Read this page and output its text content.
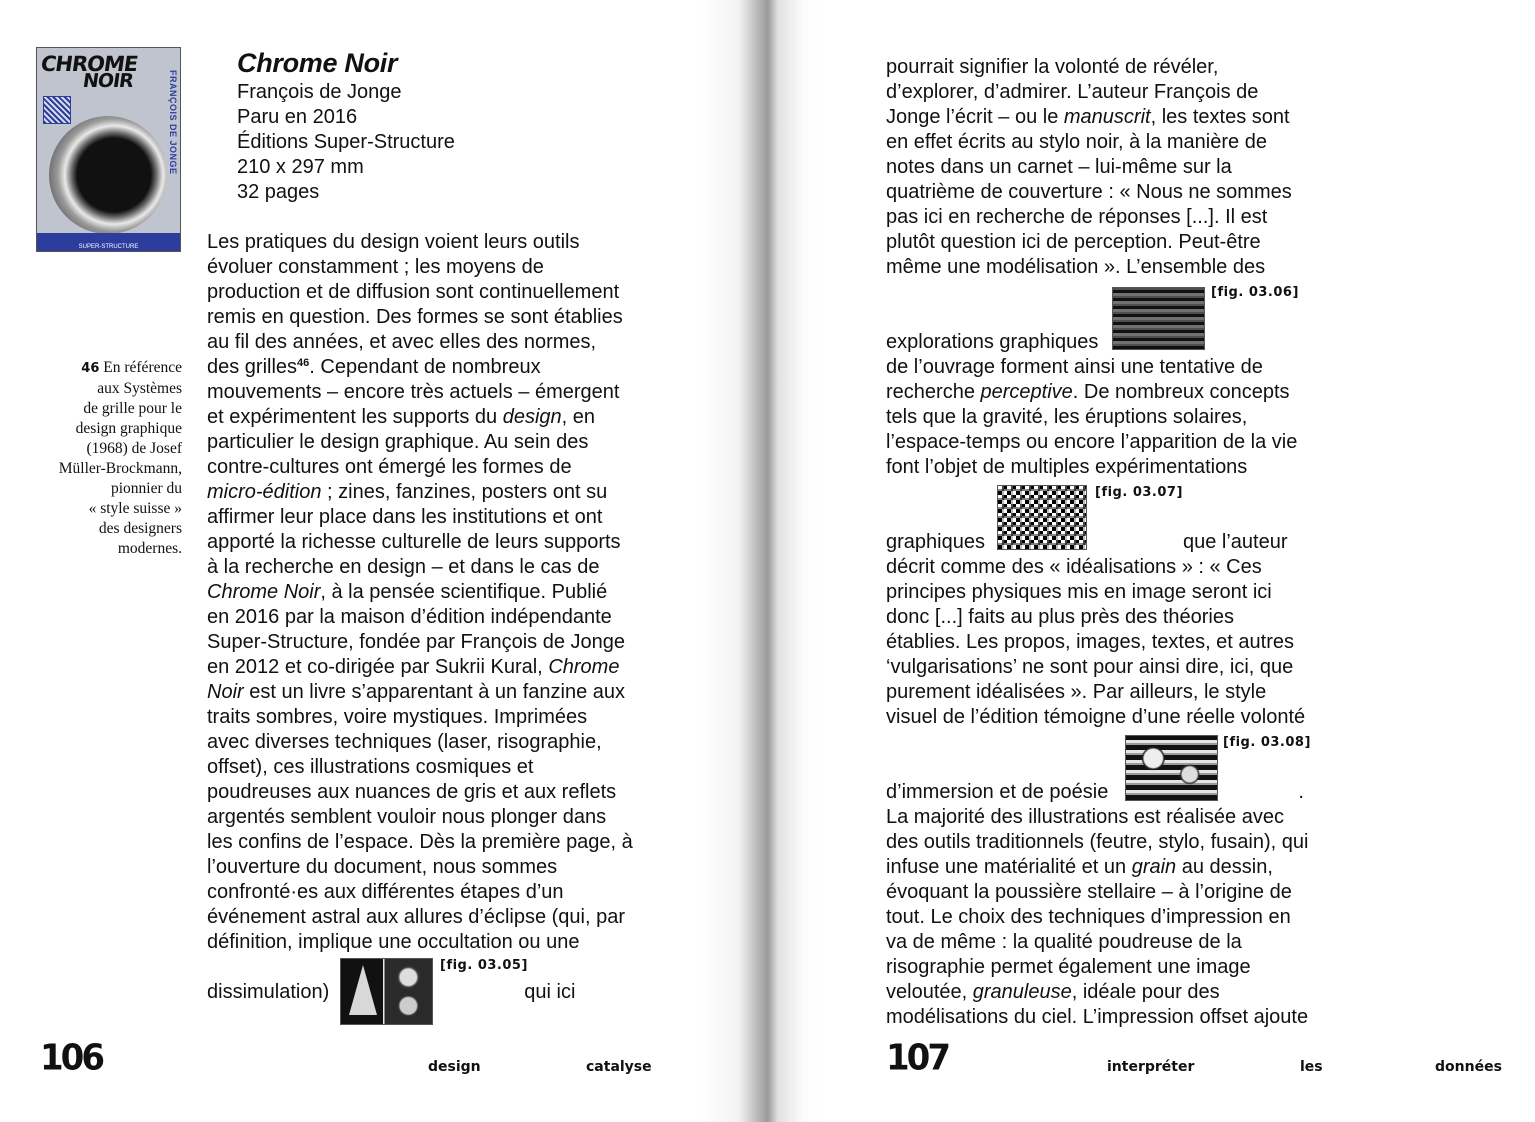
CHROME
NOIR	FRANÇOIS DE JONGE
SUPER-STRUCTURE
Chrome Noir
François de Jonge
Paru en 2016
Éditions Super-Structure
210 x 297 mm
32 pages
46 En référence
aux Systèmes
de grille pour le
design graphique
(1968) de Josef
Müller-Brockmann,
pionnier du
« style suisse »
des designers
modernes.
Les pratiques du design voient leurs outils
évoluer constamment ; les moyens de
production et de diffusion sont continuellement
remis en question. Des formes se sont établies
au fil des années, et avec elles des normes,
des grilles$^{46}$. Cependant de nombreux
mouvements – encore très actuels – émergent
et expérimentent les supports du design, en
particulier le design graphique. Au sein des
contre-cultures ont émergé les formes de
micro-édition ; zines, fanzines, posters ont su
affirmer leur place dans les institutions et ont
apporté la richesse culturelle de leurs supports
à la recherche en design – et dans le cas de
Chrome Noir, à la pensée scientifique. Publié
en 2016 par la maison d’édition indépendante
Super-Structure, fondée par François de Jonge
en 2012 et co-dirigée par Sukrii Kural, Chrome
Noir est un livre s’apparentant à un fanzine aux
traits sombres, voire mystiques. Imprimées
avec diverses techniques (laser, risographie,
offset), ces illustrations cosmiques et
poudreuses aux nuances de gris et aux reflets
argentés semblent vouloir nous plonger dans
les confins de l’espace. Dès la première page, à
l’ouverture du document, nous sommes
confronté·es aux différentes étapes d’un
événement astral aux allures d’éclipse (qui, par
définition, implique une occultation ou une
dissimulation)	qui ici
[fig. 03.05]
pourrait signifier la volonté de révéler,
d’explorer, d’admirer. L’auteur François de
Jonge l’écrit – ou le manuscrit, les textes sont
en effet écrits au stylo noir, à la manière de
notes dans un carnet – lui-même sur la
quatrième de couverture : « Nous ne sommes
pas ici en recherche de réponses [...]. Il est
plutôt question ici de perception. Peut-être
même une modélisation ». L’ensemble des
explorations graphiques
de l’ouvrage forment ainsi une tentative de
recherche perceptive. De nombreux concepts
tels que la gravité, les éruptions solaires,
l’espace-temps ou encore l’apparition de la vie
font l’objet de multiples expérimentations
graphiques	que l’auteur
décrit comme des « idéalisations » : « Ces
principes physiques mis en image seront ici
donc [...] faits au plus près des théories
établies. Les propos, images, textes, et autres
‘vulgarisations’ ne sont pour ainsi dire, ici, que
purement idéalisées ». Par ailleurs, le style
visuel de l’édition témoigne d’une réelle volonté
d’immersion et de poésie	.
La majorité des illustrations est réalisée avec
des outils traditionnels (feutre, stylo, fusain), qui
infuse une matérialité et un grain au dessin,
évoquant la poussière stellaire – à l’origine de
tout. Le choix des techniques d’impression en
va de même : la qualité poudreuse de la
risographie permet également une image
veloutée, granuleuse, idéale pour des
modélisations du ciel. L’impression offset ajoute
[fig. 03.06]
[fig. 03.07]
[fig. 03.08]
106	design	catalyse	107	interpréter	les	données
